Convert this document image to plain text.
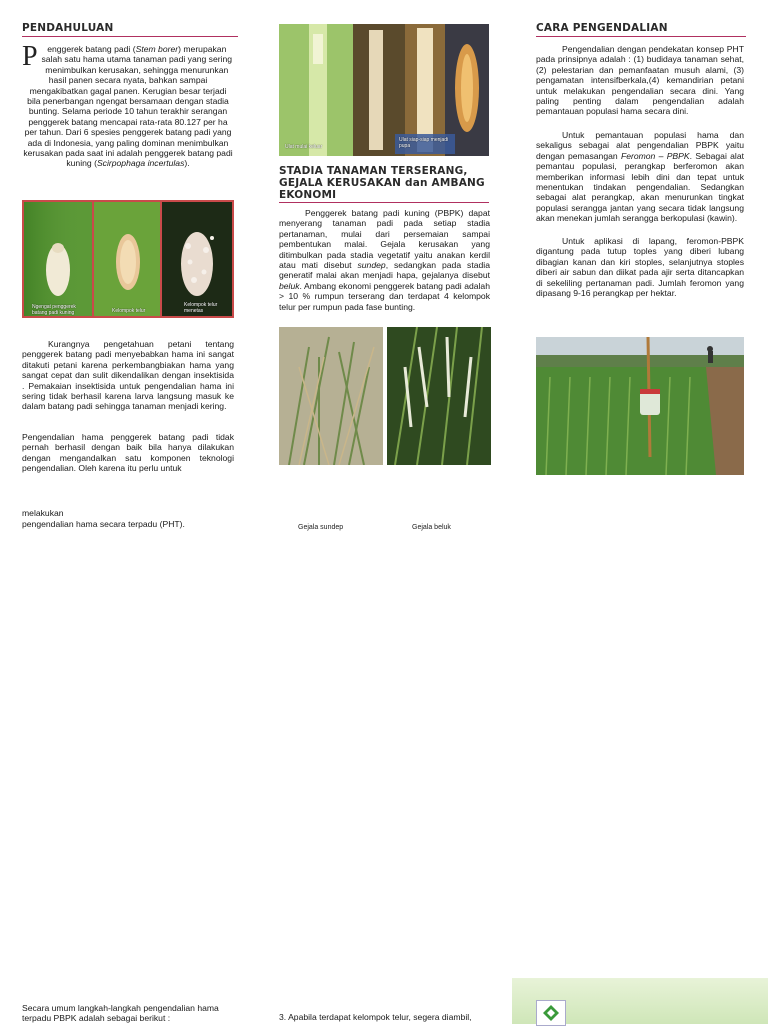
PENDAHULUAN
P enggerek batang padi (Stem borer) merupakan salah satu hama utama tanaman padi yang sering menimbulkan kerusakan, sehingga menurunkan hasil panen secara nyata, bahkan sampai mengakibatkan gagal panen. Kerugian besar terjadi bila penerbangan ngengat bersamaan dengan stadia bunting. Selama periode 10 tahun terakhir serangan penggerek batang mencapai rata-rata 80.127 per ha per tahun. Dari 6 spesies penggerek batang padi yang ada di Indonesia, yang paling dominan menimbulkan kerusakan pada saat ini adalah penggerek batang padi kuning (Scirpophaga incertulas).
Ngengat penggerek batang padi kuning	Kelompok telur
Kelompok telur menetas
Kurangnya pengetahuan petani tentang penggerek batang padi menyebabkan hama ini sangat ditakuti petani karena perkembangbiakan hama yang sangat cepat dan sulit dikendalikan dengan insektisida . Pemakaian insektisida untuk pengendalian hama ini sering tidak berhasil karena larva langsung masuk ke dalam batang padi sehingga tanaman menjadi kering.
Pengendalian hama penggerek batang padi tidak pernah berhasil dengan baik bila hanya dilakukan dengan mengandalkan satu komponen teknologi pengendalian. Oleh karena itu perlu untuk
melakukan
pengendalian hama secara terpadu (PHT).
Secara umum langkah-langkah pengendalian hama terpadu PBPK adalah sebagai berikut :
Ulat mulai keluar
Ulat siap-siap menjadi pupa
STADIA TANAMAN TERSERANG, GEJALA KERUSAKAN dan AMBANG EKONOMI
Penggerek batang padi kuning (PBPK) dapat menyerang tanaman padi pada setiap stadia pertanaman, mulai dari persemaian sampai pembentukan malai. Gejala kerusakan yang ditimbulkan pada stadia vegetatif yaitu anakan kerdil atau mati disebut sundep, sedangkan pada stadia generatif malai akan menjadi hapa, gejalanya disebut beluk. Ambang ekonomi penggerek batang padi adalah > 10 % rumpun terserang dan terdapat 4 kelompok telur per rumpun pada fase bunting.
Gejala sundep	Gejala beluk
3. Apabila terdapat kelompok telur, segera diambil,
CARA PENGENDALIAN
Pengendalian dengan pendekatan konsep PHT pada prinsipnya adalah : (1) budidaya tanaman sehat, (2) pelestarian dan pemanfaatan musuh alami, (3) pengamatan intensifberkala,(4) kemandirian petani untuk melakukan pengendalian secara dini. Yang paling penting dalam pengendalian adalah pemantauan populasi hama secara dini.
Untuk pemantauan populasi hama dan sekaligus sebagai alat pengendalian PBPK yaitu dengan pemasangan Feromon – PBPK. Sebagai alat pemantau populasi, perangkap berferomon akan memberikan informasi lebih dini dan tepat untuk menentukan tindakan pengendalian. Sedangkan sebagai alat perangkap, akan menurunkan tingkat populasi serangga jantan yang secara tidak langsung akan menekan jumlah serangga berkopulasi (kawin).
Untuk aplikasi di lapang, feromon-PBPK digantung pada tutup toples yang diberi lubang dibagian kanan dan kiri stoples, selanjutnya stoples diberi air sabun dan diikat pada ajir serta ditancapkan di sekeliling pertanaman padi. Jumlah feromon yang dipasang 9-16 perangkap per hektar.
